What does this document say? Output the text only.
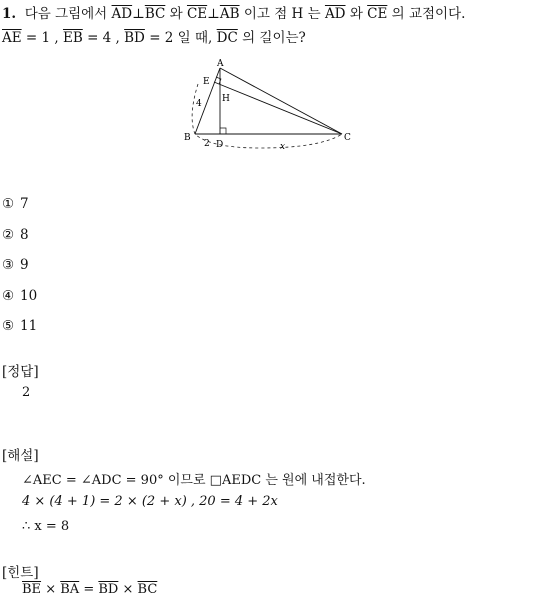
1. 다음 그림에서 $\overline{AD}\perp\overline{BC}$ 와 $\overline{CE}\perp\overline{AB}$ 이고 점 H 는 $\overline{AD}$ 와 $\overline{CE}$ 의 교점이다.
$\overline{AE} = 1$ , $\overline{EB} = 4$ , $\overline{BD} = 2$ 일 때, $\overline{DC}$ 의 길이는?
A
E
H
B
D
C
4
2	x
① 7
② 8
③ 9
④ 10
⑤ 11
[정답]
2
[해설]
∠AEC = ∠ADC = 90° 이므로 □AEDC 는 원에 내접한다.
4 × (4 + 1) = 2 × (2 + x) , 20 = 4 + 2x
∴ x = 8
[힌트]
$\overline{BE} \times \overline{BA} = \overline{BD} \times \overline{BC}$
